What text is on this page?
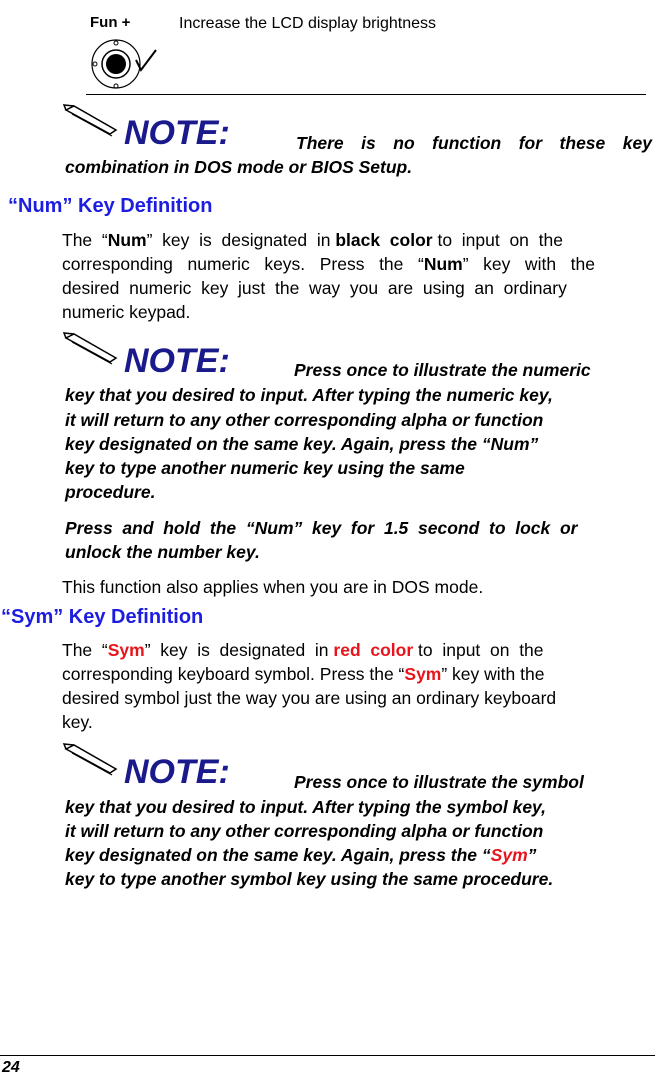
Fun +	Increase the LCD display brightness
NOTE:	There is no function for these key
combination in DOS mode or BIOS Setup.
“Num” Key Definition
The  “Num”  key  is  designated  in black  color to  input  on  the
corresponding   numeric   keys.   Press   the   “Num”   key   with   the
desired  numeric  key  just  the  way  you  are  using  an  ordinary
numeric keypad.
NOTE:	Press once to illustrate the numeric
key that you desired to input. After typing the numeric key,
it will return to any other corresponding alpha or function
key designated on the same key. Again, press the “Num”
key to type another numeric key using the same
procedure.
Press  and  hold  the  “Num”  key  for  1.5  second  to  lock  or
unlock the number key.
This function also applies when you are in DOS mode.
“Sym” Key Definition
The  “Sym”  key  is  designated  in red  color to  input  on  the
corresponding keyboard symbol. Press the “Sym” key with the
desired symbol just the way you are using an ordinary keyboard
key.
NOTE:	Press once to illustrate the symbol
key that you desired to input. After typing the symbol key,
it will return to any other corresponding alpha or function
key designated on the same key. Again, press the “Sym”
key to type another symbol key using the same procedure.
24
